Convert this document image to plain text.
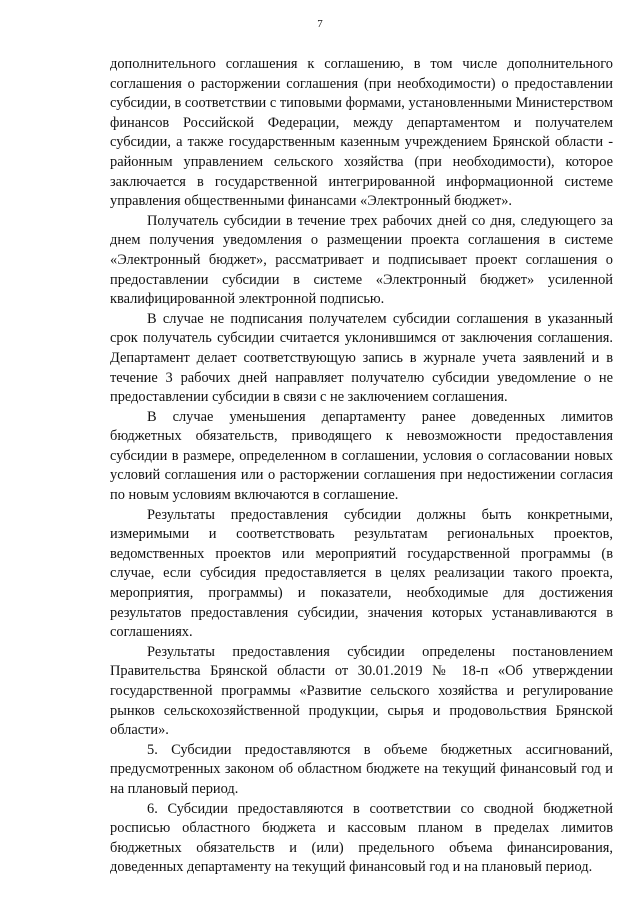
7

дополнительного соглашения к соглашению, в том числе дополнительного соглашения о расторжении соглашения (при необходимости) о предоставлении субсидии, в соответствии с типовыми формами, установленными Министерством финансов Российской Федерации, между департаментом и получателем субсидии, а также государственным казенным учреждением Брянской области - районным управлением сельского хозяйства (при необходимости), которое заключается в государственной интегрированной информационной системе управления общественными финансами «Электронный бюджет».

Получатель субсидии в течение трех рабочих дней со дня, следующего за днем получения уведомления о размещении проекта соглашения в системе «Электронный бюджет», рассматривает и подписывает проект соглашения о предоставлении субсидии в системе «Электронный бюджет» усиленной квалифицированной электронной подписью.

В случае не подписания получателем субсидии соглашения в указанный срок получатель субсидии считается уклонившимся от заключения соглашения. Департамент делает соответствующую запись в журнале учета заявлений и в течение 3 рабочих дней направляет получателю субсидии уведомление о не предоставлении субсидии в связи с не заключением соглашения.

В случае уменьшения департаменту ранее доведенных лимитов бюджетных обязательств, приводящего к невозможности предоставления субсидии в размере, определенном в соглашении, условия о согласовании новых условий соглашения или о расторжении соглашения при недостижении согласия по новым условиям включаются в соглашение.

Результаты предоставления субсидии должны быть конкретными, измеримыми и соответствовать результатам региональных проектов, ведомственных проектов или мероприятий государственной программы (в случае, если субсидия предоставляется в целях реализации такого проекта, мероприятия, программы) и показатели, необходимые для достижения результатов предоставления субсидии, значения которых устанавливаются в соглашениях.

Результаты предоставления субсидии определены постановлением Правительства Брянской области от 30.01.2019 № 18-п «Об утверждении государственной программы «Развитие сельского хозяйства и регулирование рынков сельскохозяйственной продукции, сырья и продовольствия Брянской области».

5. Субсидии предоставляются в объеме бюджетных ассигнований, предусмотренных законом об областном бюджете на текущий финансовый год и на плановый период.

6. Субсидии предоставляются в соответствии со сводной бюджетной росписью областного бюджета и кассовым планом в пределах лимитов бюджетных обязательств и (или) предельного объема финансирования, доведенных департаменту на текущий финансовый год и на плановый период.
